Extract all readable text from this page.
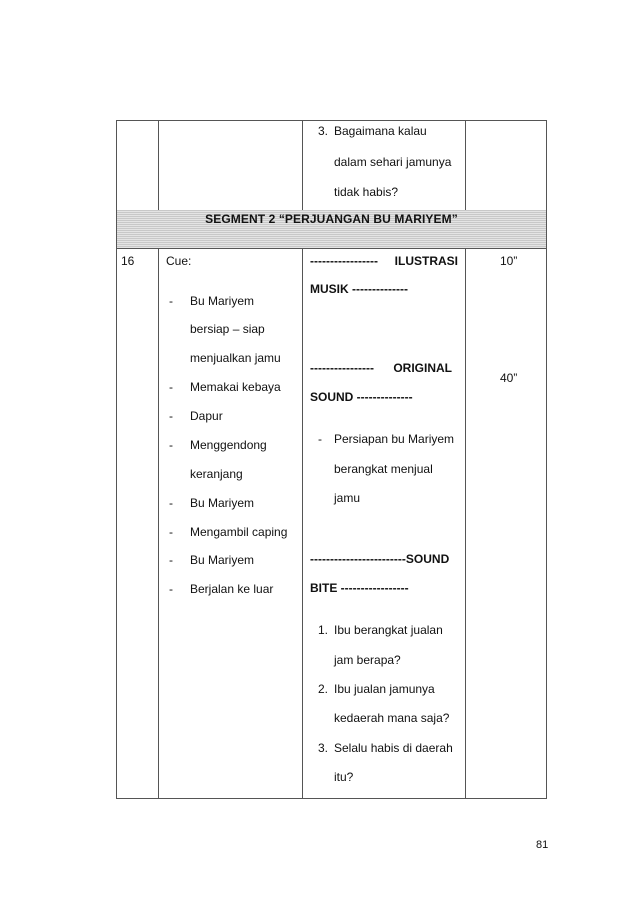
3. Bagaimana kalau
dalam sehari jamunya
tidak habis?
SEGMENT 2 “PERJUANGAN BU MARIYEM”
16	Cue:
- Bu Mariyem
bersiap – siap
menjualkan jamu
- Memakai kebaya
- Dapur
- Menggendong
keranjang
- Bu Mariyem
- Mengambil caping
- Bu Mariyem
- Berjalan ke luar
----------------- ILUSTRASI
MUSIK --------------
---------------- ORIGINAL
SOUND --------------
- Persiapan bu Mariyem
berangkat menjual
jamu
------------------------SOUND
BITE -----------------
1. Ibu berangkat jualan
jam berapa?
2. Ibu jualan jamunya
kedaerah mana saja?
3. Selalu habis di daerah
itu?
10”
40”
81
